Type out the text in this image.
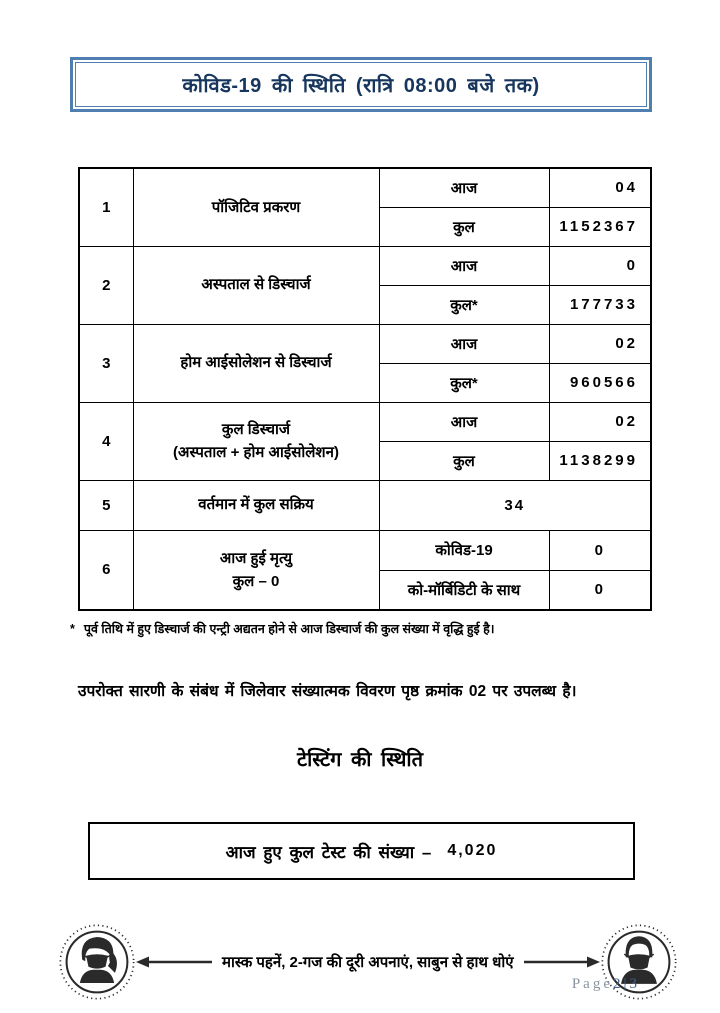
कोविड-19 की स्थिति (रात्रि 08:00 बजे तक)
1	पॉजिटिव प्रकरण	आज	04
		कुल	1152367
2	अस्पताल से डिस्चार्ज	आज	0
		कुल*	177733
3	होम आईसोलेशन से डिस्चार्ज	आज	02
		कुल*	960566
4	कुल डिस्चार्ज
(अस्पताल + होम आईसोलेशन)	आज	02
		कुल	1138299
5	वर्तमान में कुल सक्रिय	34	
6	आज हुई मृत्यु
कुल – 0	कोविड-19	0
		को-मॉर्बिडिटी के साथ	0
* पूर्व तिथि में हुए डिस्चार्ज की एन्ट्री अद्यतन होने से आज डिस्चार्ज की कुल संख्या में वृद्धि हुई है।
उपरोक्त सारणी के संबंध में जिलेवार संख्यात्मक विवरण पृष्ठ क्रमांक 02 पर उपलब्ध है।
टेस्टिंग की स्थिति
आज हुए कुल टेस्ट की संख्या – 4,020
मास्क पहनें, 2-गज की दूरी अपनाएं, साबुन से हाथ धोएं
Page2|3
